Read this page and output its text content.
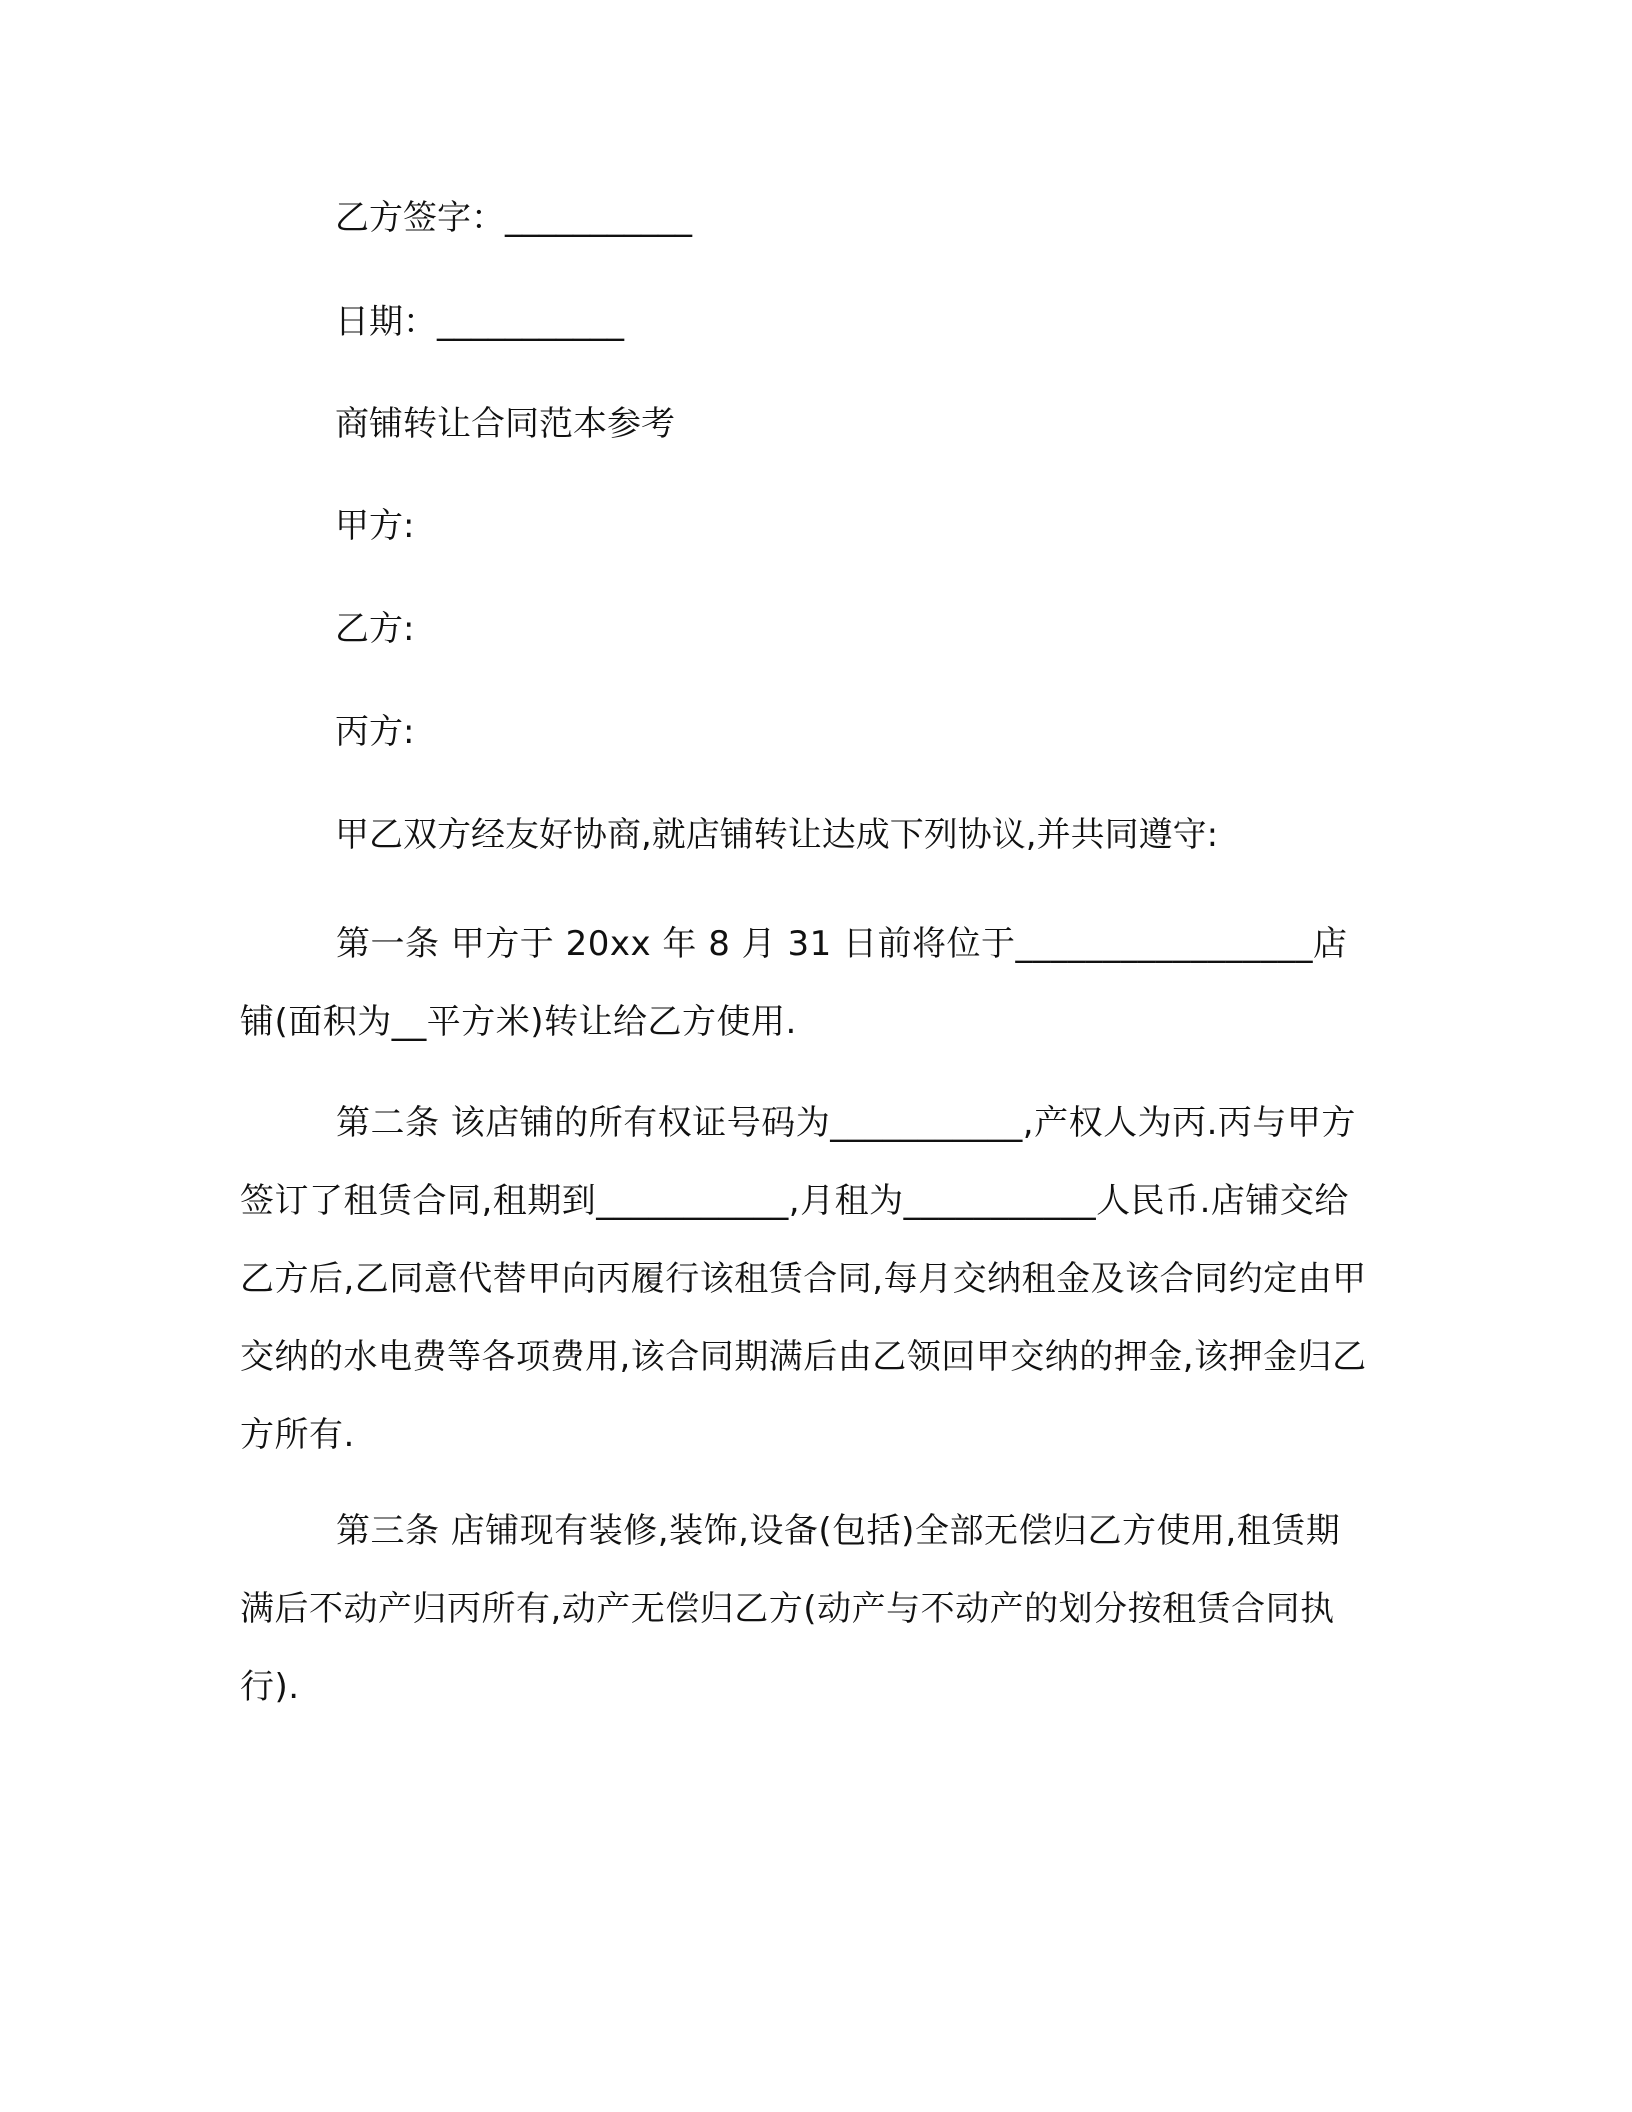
乙方签字：___________
日期：___________
商铺转让合同范本参考
甲方:
乙方:
丙方:
甲乙双方经友好协商,就店铺转让达成下列协议,并共同遵守:
第一条 甲方于 20xx 年 8 月 31 日前将位于_________________店铺(面积为__平方米)转让给乙方使用.
第二条 该店铺的所有权证号码为___________,产权人为丙.丙与甲方签订了租赁合同,租期到___________,月租为___________人民币.店铺交给乙方后,乙同意代替甲向丙履行该租赁合同,每月交纳租金及该合同约定由甲交纳的水电费等各项费用,该合同期满后由乙领回甲交纳的押金,该押金归乙方所有.
第三条 店铺现有装修,装饰,设备(包括)全部无偿归乙方使用,租赁期满后不动产归丙所有,动产无偿归乙方(动产与不动产的划分按租赁合同执行).
